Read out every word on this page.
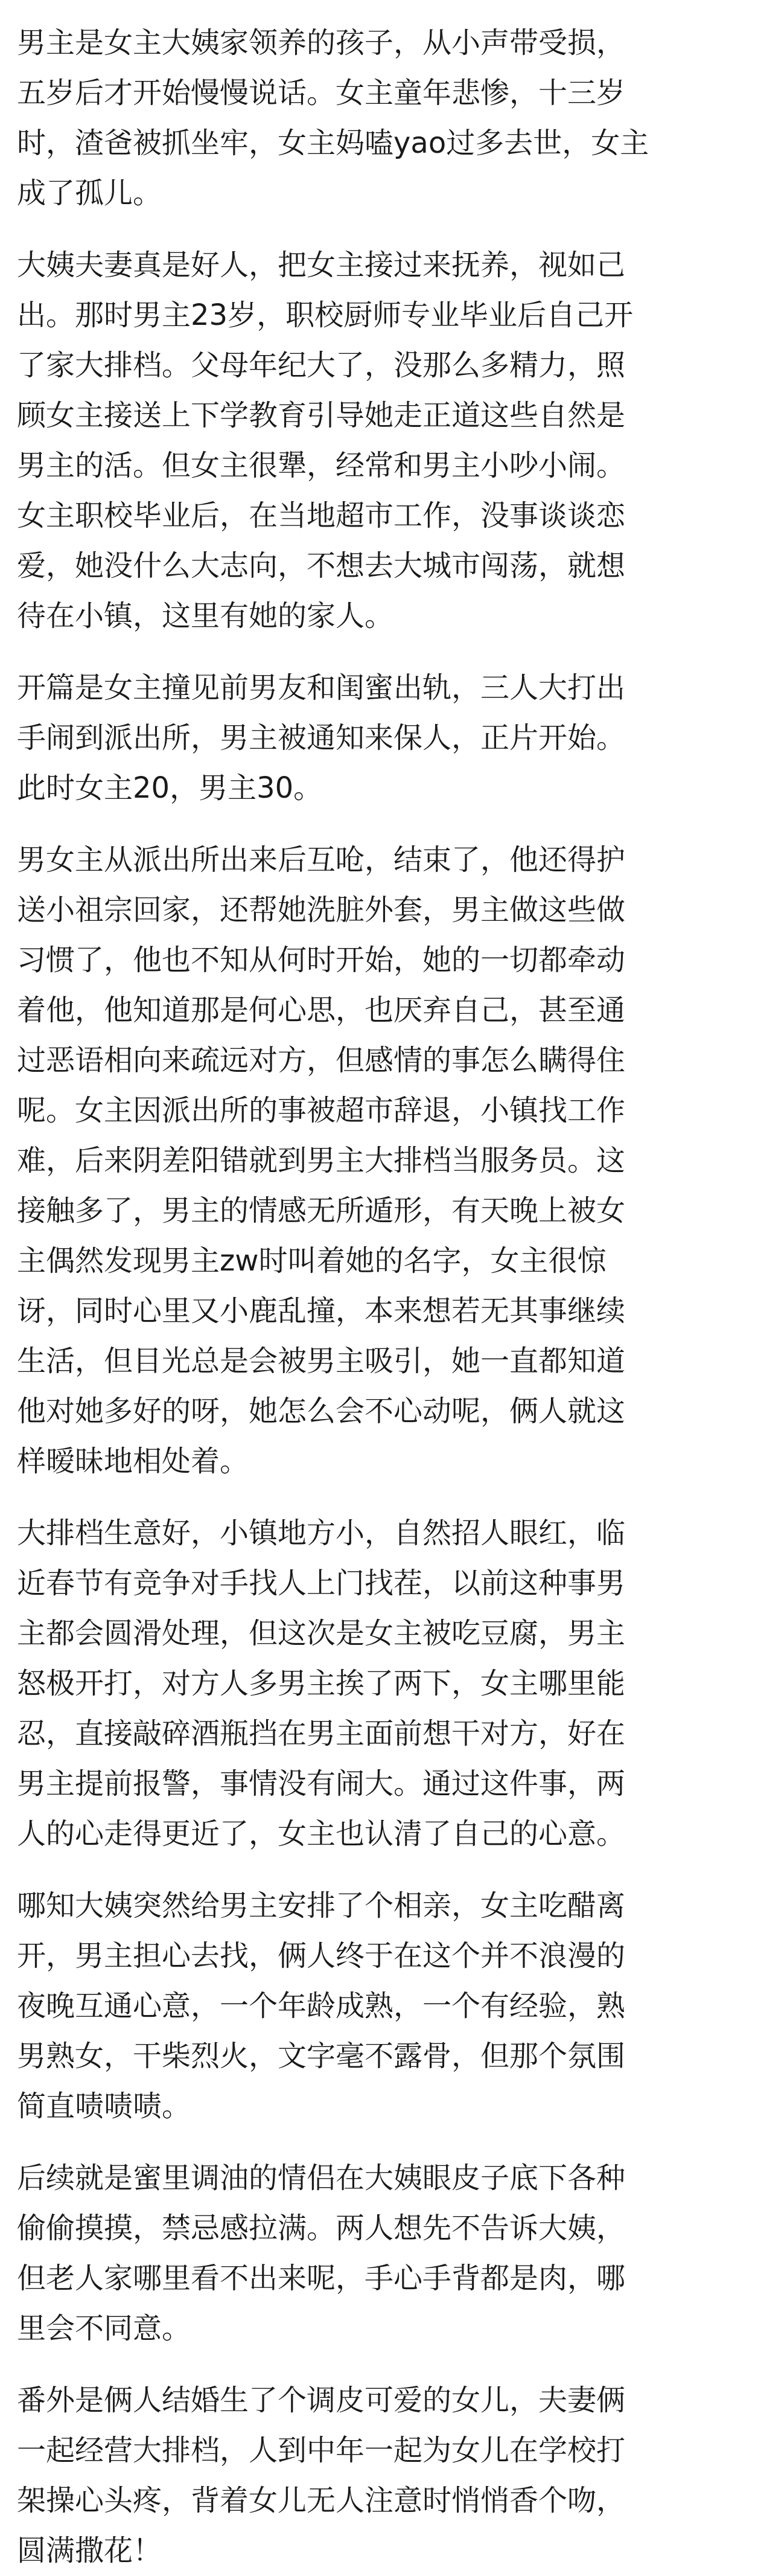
男主是女主大姨家领养的孩子，从小声带受损，
五岁后才开始慢慢说话。女主童年悲惨，十三岁
时，渣爸被抓坐牢，女主妈嗑yao过多去世，女主
成了孤儿。

大姨夫妻真是好人，把女主接过来抚养，视如己
出。那时男主23岁，职校厨师专业毕业后自己开
了家大排档。父母年纪大了，没那么多精力，照
顾女主接送上下学教育引导她走正道这些自然是
男主的活。但女主很犟，经常和男主小吵小闹。
女主职校毕业后，在当地超市工作，没事谈谈恋
爱，她没什么大志向，不想去大城市闯荡，就想
待在小镇，这里有她的家人。

开篇是女主撞见前男友和闺蜜出轨，三人大打出
手闹到派出所，男主被通知来保人，正片开始。
此时女主20，男主30。

男女主从派出所出来后互呛，结束了，他还得护
送小祖宗回家，还帮她洗脏外套，男主做这些做
习惯了，他也不知从何时开始，她的一切都牵动
着他，他知道那是何心思，也厌弃自己，甚至通
过恶语相向来疏远对方，但感情的事怎么瞒得住
呢。女主因派出所的事被超市辞退，小镇找工作
难，后来阴差阳错就到男主大排档当服务员。这
接触多了，男主的情感无所遁形，有天晚上被女
主偶然发现男主zw时叫着她的名字，女主很惊
讶，同时心里又小鹿乱撞，本来想若无其事继续
生活，但目光总是会被男主吸引，她一直都知道
他对她多好的呀，她怎么会不心动呢，俩人就这
样暧昧地相处着。

大排档生意好，小镇地方小，自然招人眼红，临
近春节有竞争对手找人上门找茬，以前这种事男
主都会圆滑处理，但这次是女主被吃豆腐，男主
怒极开打，对方人多男主挨了两下，女主哪里能
忍，直接敲碎酒瓶挡在男主面前想干对方，好在
男主提前报警，事情没有闹大。通过这件事，两
人的心走得更近了，女主也认清了自己的心意。

哪知大姨突然给男主安排了个相亲，女主吃醋离
开，男主担心去找，俩人终于在这个并不浪漫的
夜晚互通心意，一个年龄成熟，一个有经验，熟
男熟女，干柴烈火，文字毫不露骨，但那个氛围
简直啧啧啧。

后续就是蜜里调油的情侣在大姨眼皮子底下各种
偷偷摸摸，禁忌感拉满。两人想先不告诉大姨，
但老人家哪里看不出来呢，手心手背都是肉，哪
里会不同意。

番外是俩人结婚生了个调皮可爱的女儿，夫妻俩
一起经营大排档，人到中年一起为女儿在学校打
架操心头疼，背着女儿无人注意时悄悄香个吻，
圆满撒花！
